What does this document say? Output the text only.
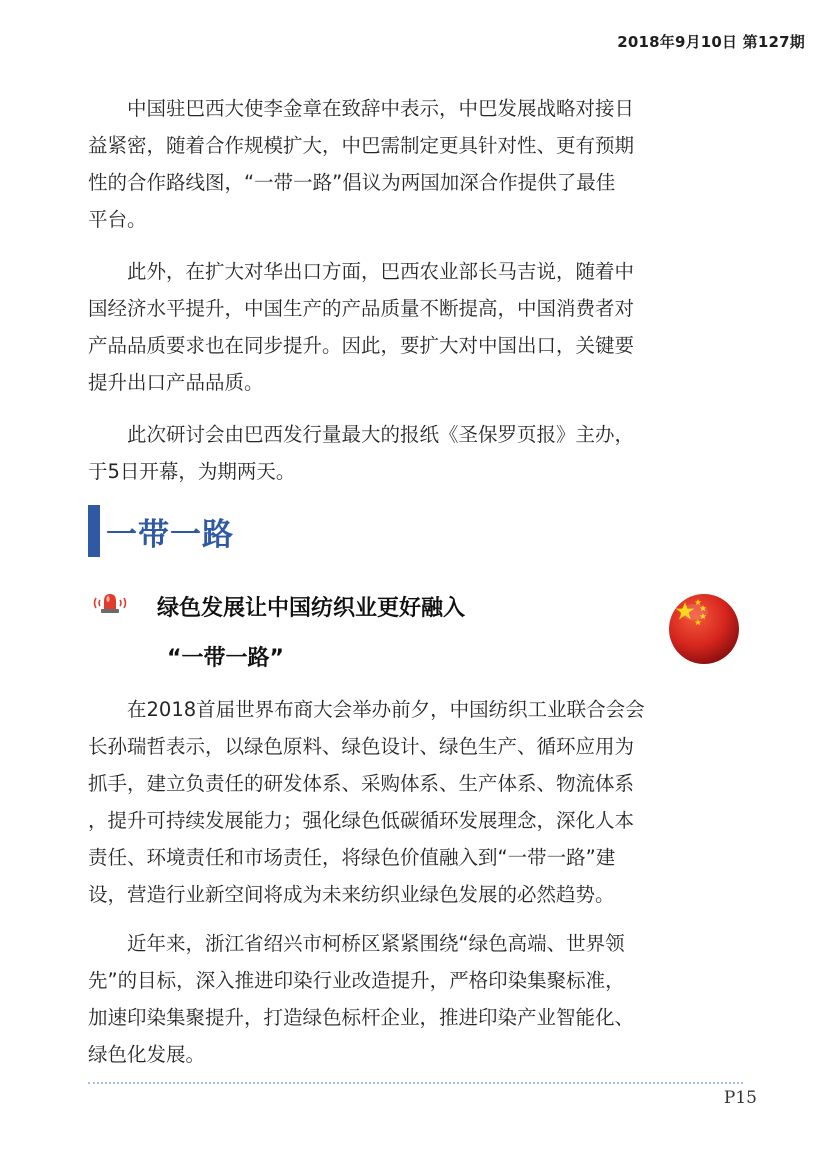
2018年9月10日 第127期
　　中国驻巴西大使李金章在致辞中表示，中巴发展战略对接日
益紧密，随着合作规模扩大，中巴需制定更具针对性、更有预期
性的合作路线图，“一带一路”倡议为两国加深合作提供了最佳
平台。
　　此外，在扩大对华出口方面，巴西农业部长马吉说，随着中
国经济水平提升，中国生产的产品质量不断提高，中国消费者对
产品品质要求也在同步提升。因此，要扩大对中国出口，关键要
提升出口产品品质。
　　此次研讨会由巴西发行量最大的报纸《圣保罗页报》主办，
于5日开幕，为期两天。
一带一路
绿色发展让中国纺织业更好融入
“一带一路”
　　在2018首届世界布商大会举办前夕，中国纺织工业联合会会
长孙瑞哲表示，以绿色原料、绿色设计、绿色生产、循环应用为
抓手，建立负责任的研发体系、采购体系、生产体系、物流体系
，提升可持续发展能力；强化绿色低碳循环发展理念，深化人本
责任、环境责任和市场责任，将绿色价值融入到“一带一路”建
设，营造行业新空间将成为未来纺织业绿色发展的必然趋势。
　　近年来，浙江省绍兴市柯桥区紧紧围绕“绿色高端、世界领
先”的目标，深入推进印染行业改造提升，严格印染集聚标准，
加速印染集聚提升，打造绿色标杆企业，推进印染产业智能化、
绿色化发展。
P15
